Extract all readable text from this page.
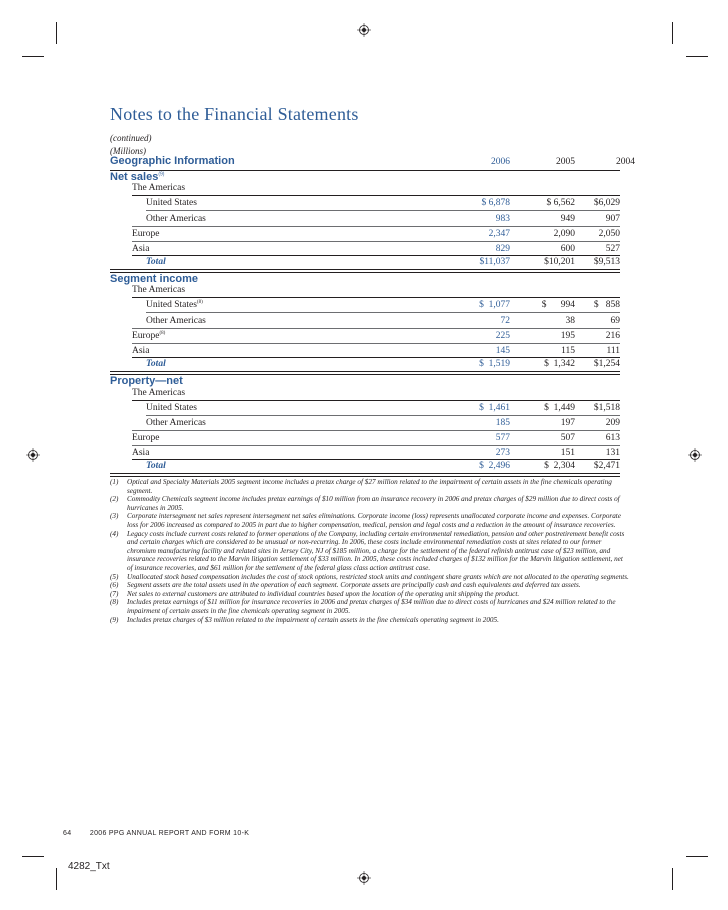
Notes to the Financial Statements
(continued)
(Millions)
Geographic Information	2006	2005	2004
Net sales$^{(9)}$
The Americas
United States	$ 6,878	$ 6,562	$6,029
Other Americas	983	949	907
Europe	2,347	2,090	2,050
Asia	829	600	527
Total	$11,037	$10,201	$9,513
Segment income
The Americas
United States$^{(8)}$	$  1,077	$      994	$   858
Other Americas	72	38	69
Europe$^{(8)}$	225	195	216
Asia	145	115	111
Total	$  1,519	$  1,342	$1,254
Property—net
The Americas
United States	$  1,461	$  1,449	$1,518
Other Americas	185	197	209
Europe	577	507	613
Asia	273	151	131
Total	$  2,496	$  2,304	$2,471
(1)	Optical and Specialty Materials 2005 segment income includes a pretax charge of $27 million related to the impairment of certain assets in the fine chemicals operating segment.
(2)	Commodity Chemicals segment income includes pretax earnings of $10 million from an insurance recovery in 2006 and pretax charges of $29 million due to direct costs of hurricanes in 2005.
(3)	Corporate intersegment net sales represent intersegment net sales eliminations. Corporate income (loss) represents unallocated corporate income and expenses. Corporate loss for 2006 increased as compared to 2005 in part due to higher compensation, medical, pension and legal costs and a reduction in the amount of insurance recoveries.
(4)	Legacy costs include current costs related to former operations of the Company, including certain environmental remediation, pension and other postretirement benefit costs and certain charges which are considered to be unusual or non-recurring. In 2006, these costs include environmental remediation costs at sites related to our former chromium manufacturing facility and related sites in Jersey City, NJ of $185 million, a charge for the settlement of the federal refinish antitrust case of $23 million, and insurance recoveries related to the Marvin litigation settlement of $33 million. In 2005, these costs included charges of $132 million for the Marvin litigation settlement, net of insurance recoveries, and $61 million for the settlement of the federal glass class action antitrust case.
(5)	Unallocated stock based compensation includes the cost of stock options, restricted stock units and contingent share grants which are not allocated to the operating segments.
(6)	Segment assets are the total assets used in the operation of each segment. Corporate assets are principally cash and cash equivalents and deferred tax assets.
(7)	Net sales to external customers are attributed to individual countries based upon the location of the operating unit shipping the product.
(8)	Includes pretax earnings of $11 million for insurance recoveries in 2006 and pretax charges of $34 million due to direct costs of hurricanes and $24 million related to the impairment of certain assets in the fine chemicals operating segment in 2005.
(9)	Includes pretax charges of $3 million related to the impairment of certain assets in the fine chemicals operating segment in 2005.
64	2006 PPG ANNUAL REPORT AND FORM 10-K
4282_Txt
